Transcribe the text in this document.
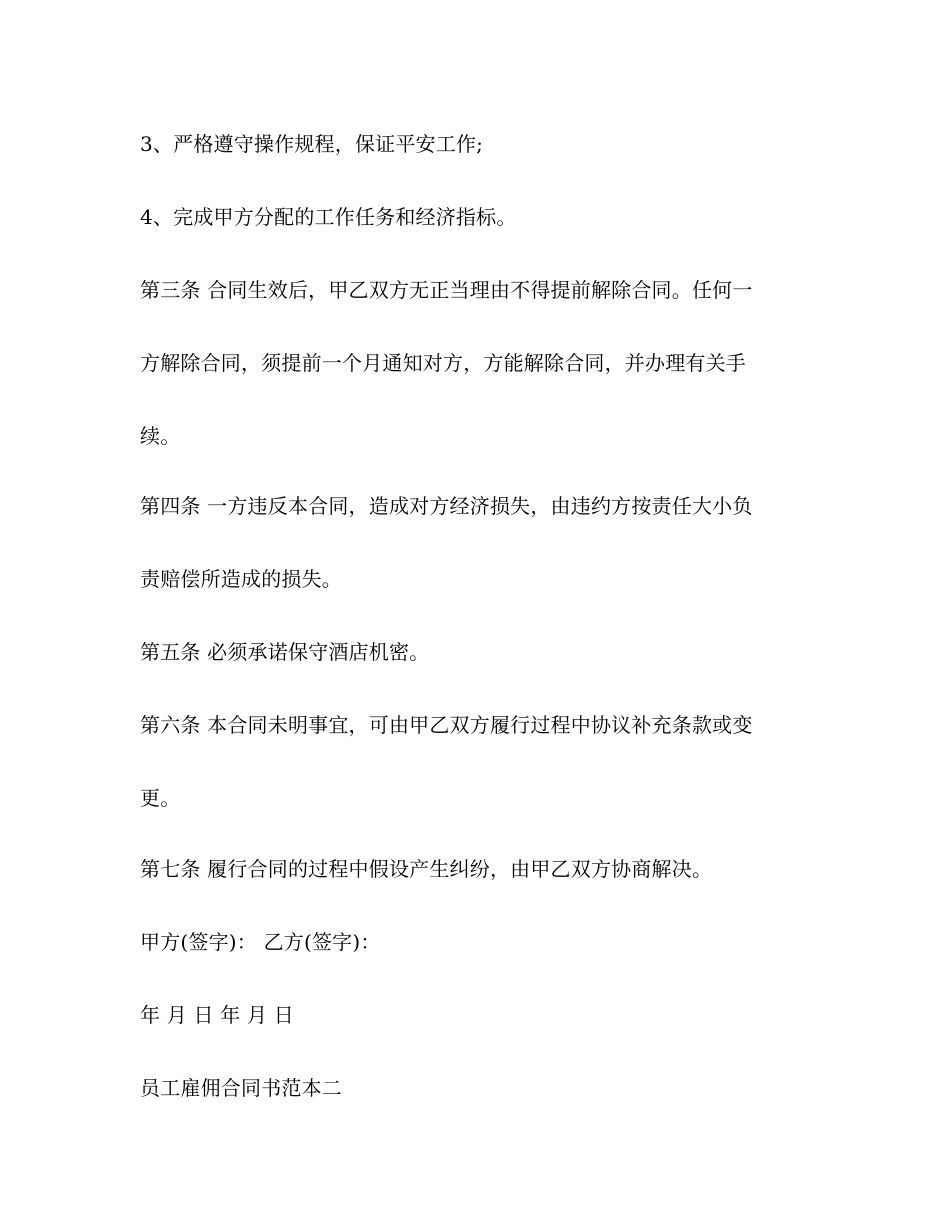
3、严格遵守操作规程，保证平安工作;
4、完成甲方分配的工作任务和经济指标。
第三条 合同生效后，甲乙双方无正当理由不得提前解除合同。任何一
方解除合同，须提前一个月通知对方，方能解除合同，并办理有关手
续。
第四条 一方违反本合同，造成对方经济损失，由违约方按责任大小负
责赔偿所造成的损失。
第五条 必须承诺保守酒店机密。
第六条 本合同未明事宜，可由甲乙双方履行过程中协议补充条款或变
更。
第七条 履行合同的过程中假设产生纠纷，由甲乙双方协商解决。
甲方(签字)： 乙方(签字)：
年 月 日 年 月 日
员工雇佣合同书范本二
